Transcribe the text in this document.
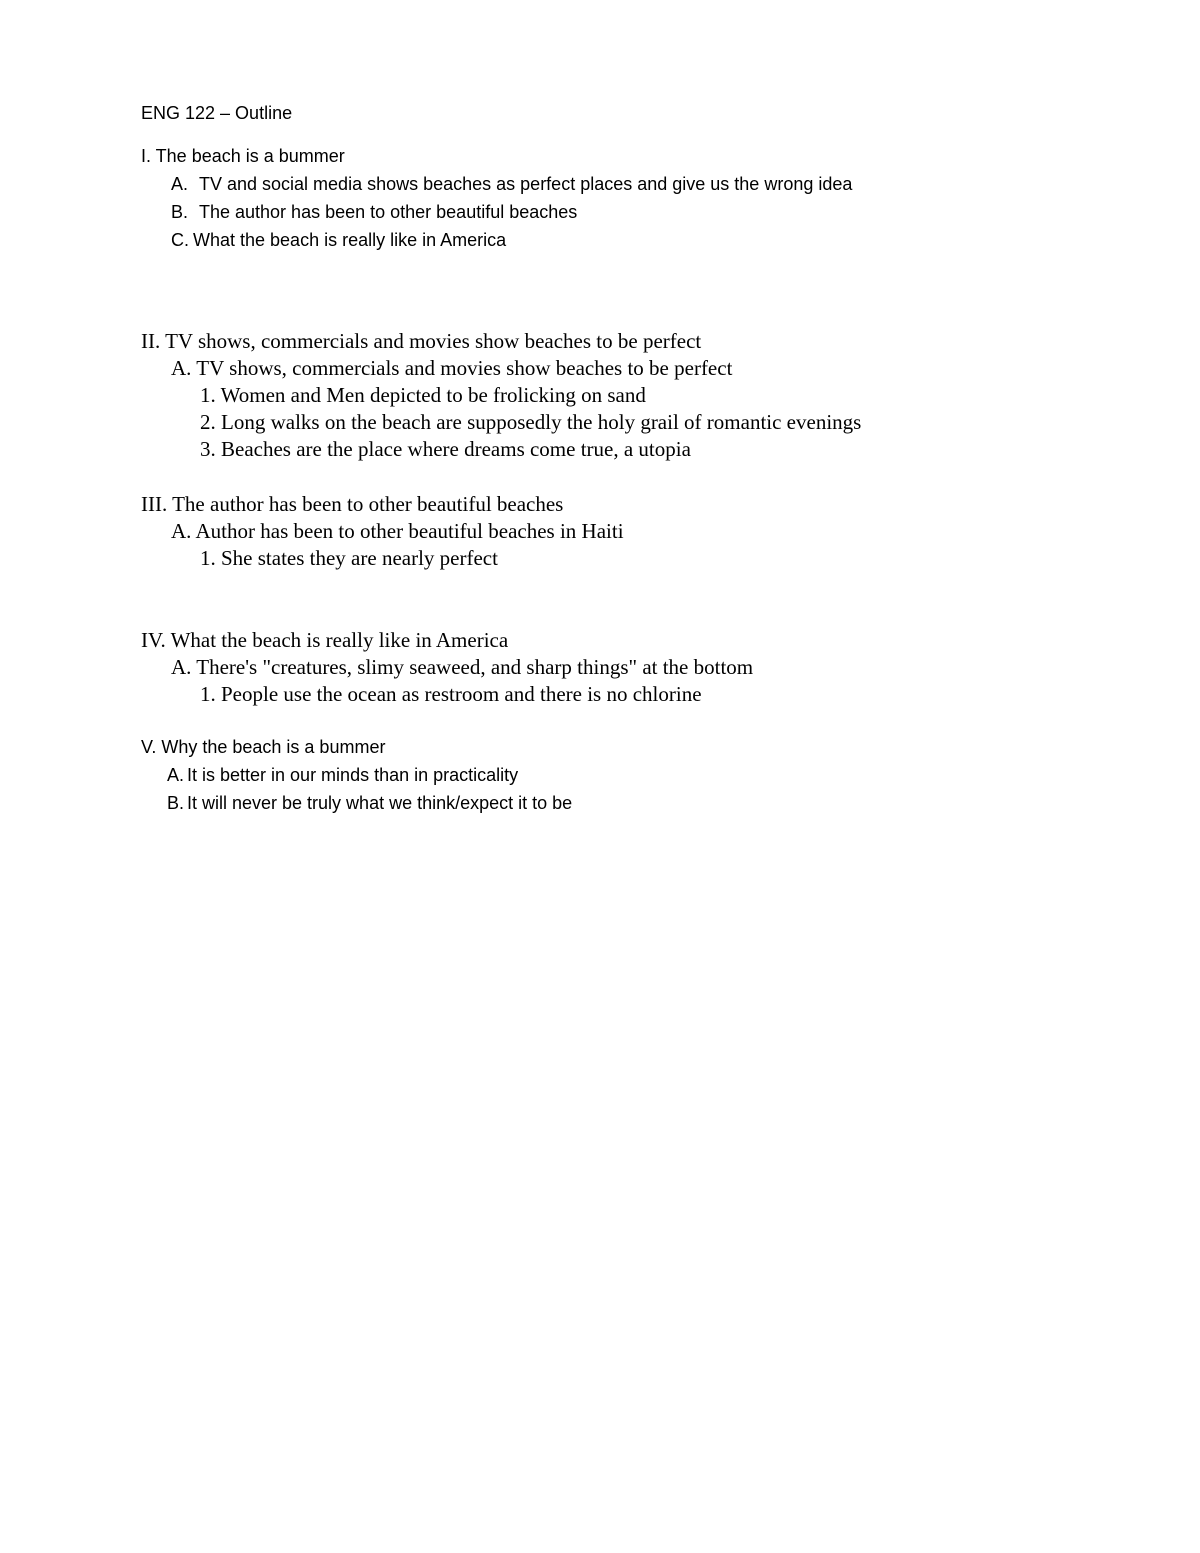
ENG 122 – Outline
I. The beach is a bummer
A. TV and social media shows beaches as perfect places and give us the wrong idea
B. The author has been to other beautiful beaches
C. What the beach is really like in America
II. TV shows, commercials and movies show beaches to be perfect
A. TV shows, commercials and movies show beaches to be perfect
1. Women and Men depicted to be frolicking on sand
2. Long walks on the beach are supposedly the holy grail of romantic evenings
3. Beaches are the place where dreams come true, a utopia
III. The author has been to other beautiful beaches
A. Author has been to other beautiful beaches in Haiti
1. She states they are nearly perfect
IV. What the beach is really like in America
A. There's "creatures, slimy seaweed, and sharp things" at the bottom
1. People use the ocean as restroom and there is no chlorine
V. Why the beach is a bummer
A. It is better in our minds than in practicality
B. It will never be truly what we think/expect it to be
